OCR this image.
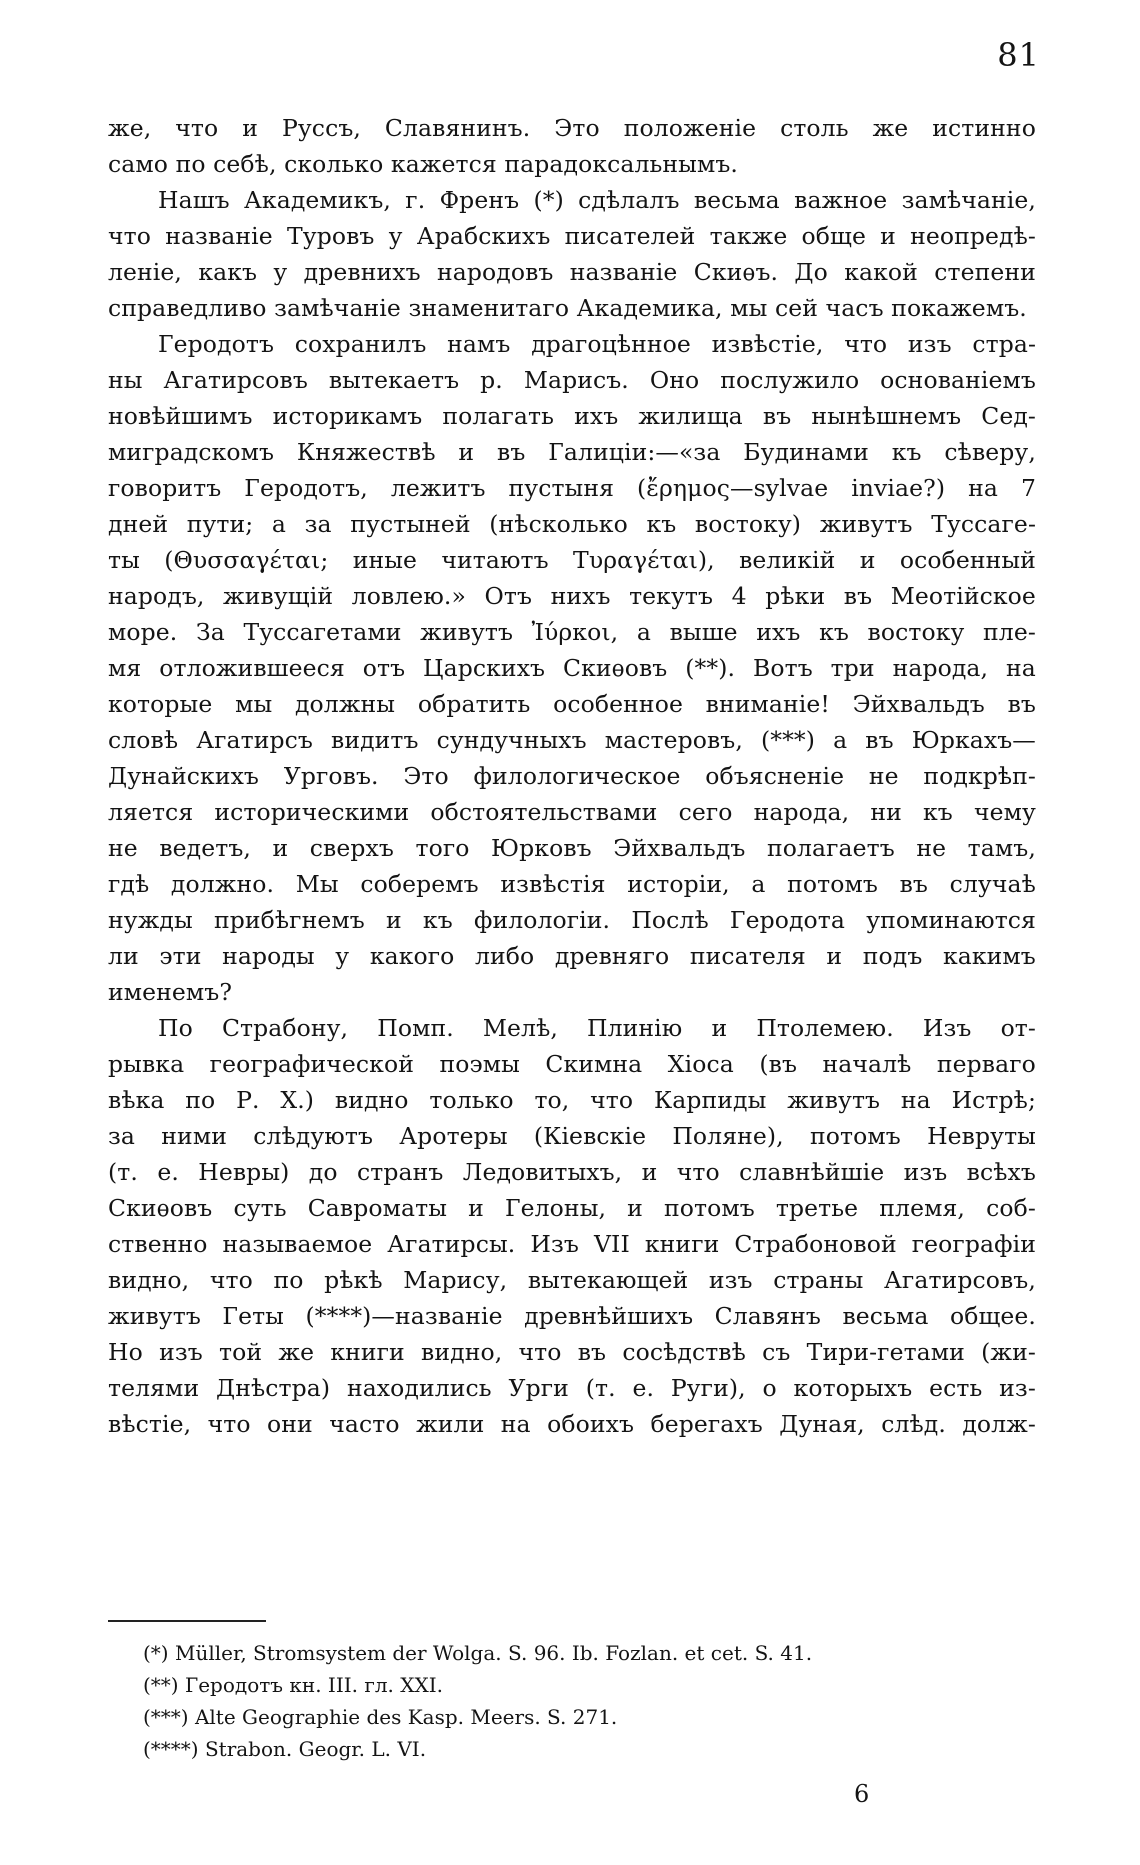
81
же, что и Руссъ, Славянинъ. Это положеніе столь же истинно
само по себѣ, сколько кажется парадоксальнымъ.
Нашъ Академикъ, г. Френъ (*) сдѣлалъ весьма важное замѣчаніе,
что названіе Туровъ у Арабскихъ писателей также обще и неопредѣ-
леніе, какъ у древнихъ народовъ названіе Скиѳъ. До какой степени
справедливо замѣчаніе знаменитаго Академика, мы сей часъ покажемъ.
Геродотъ сохранилъ намъ драгоцѣнное извѣстіе, что изъ стра-
ны Агатирсовъ вытекаетъ р. Марисъ. Оно послужило основаніемъ
новѣйшимъ историкамъ полагать ихъ жилища въ нынѣшнемъ Сед-
миградскомъ Княжествѣ и въ Галиціи:—«за Будинами къ сѣверу,
говоритъ Геродотъ, лежитъ пустыня (ἔρημος—sylvae inviae?) на 7
дней пути; а за пустыней (нѣсколько къ востоку) живутъ Туссаге-
ты (Θυσσαγέται; иные читаютъ Τυραγέται), великій и особенный
народъ, живущій ловлею.» Отъ нихъ текутъ 4 рѣки въ Меотійское
море. За Туссагетами живутъ Ἰύρκοι, а выше ихъ къ востоку пле-
мя отложившееся отъ Царскихъ Скиѳовъ (**). Вотъ три народа, на
которые мы должны обратить особенное вниманіе! Эйхвальдъ въ
словѣ Агатирсъ видитъ сундучныхъ мастеровъ, (***) а въ Юркахъ—
Дунайскихъ Урговъ. Это филологическое объясненіе не подкрѣп-
ляется историческими обстоятельствами сего народа, ни къ чему
не ведетъ, и сверхъ того Юрковъ Эйхвальдъ полагаетъ не тамъ,
гдѣ должно. Мы соберемъ извѣстія исторіи, а потомъ въ случаѣ
нужды прибѣгнемъ и къ филологіи. Послѣ Геродота упоминаются
ли эти народы у какого либо древняго писателя и подъ какимъ
именемъ?
По Страбону, Помп. Мелѣ, Плинію и Птолемею. Изъ от-
рывка географической поэмы Скимна Хіоса (въ началѣ перваго
вѣка по Р. Х.) видно только то, что Карпиды живутъ на Истрѣ;
за ними слѣдуютъ Аротеры (Кіевскіе Поляне), потомъ Невруты
(т. е. Невры) до странъ Ледовитыхъ, и что славнѣйшіе изъ всѣхъ
Скиѳовъ суть Савроматы и Гелоны, и потомъ третье племя, соб-
ственно называемое Агатирсы. Изъ VII книги Страбоновой географіи
видно, что по рѣкѣ Марису, вытекающей изъ страны Агатирсовъ,
живутъ Геты (****)—названіе древнѣйшихъ Славянъ весьма общее.
Но изъ той же книги видно, что въ сосѣдствѣ съ Тири-гетами (жи-
телями Днѣстра) находились Урги (т. е. Руги), о которыхъ есть из-
вѣстіе, что они часто жили на обоихъ берегахъ Дуная, слѣд. долж-
(*) Müller, Stromsystem der Wolga. S. 96. Ib. Fozlan. et cet. S. 41.
(**) Геродотъ кн. III. гл. XXI.
(***) Alte Geographie des Kasp. Meers. S. 271.
(****) Strabon. Geogr. L. VI.
6
